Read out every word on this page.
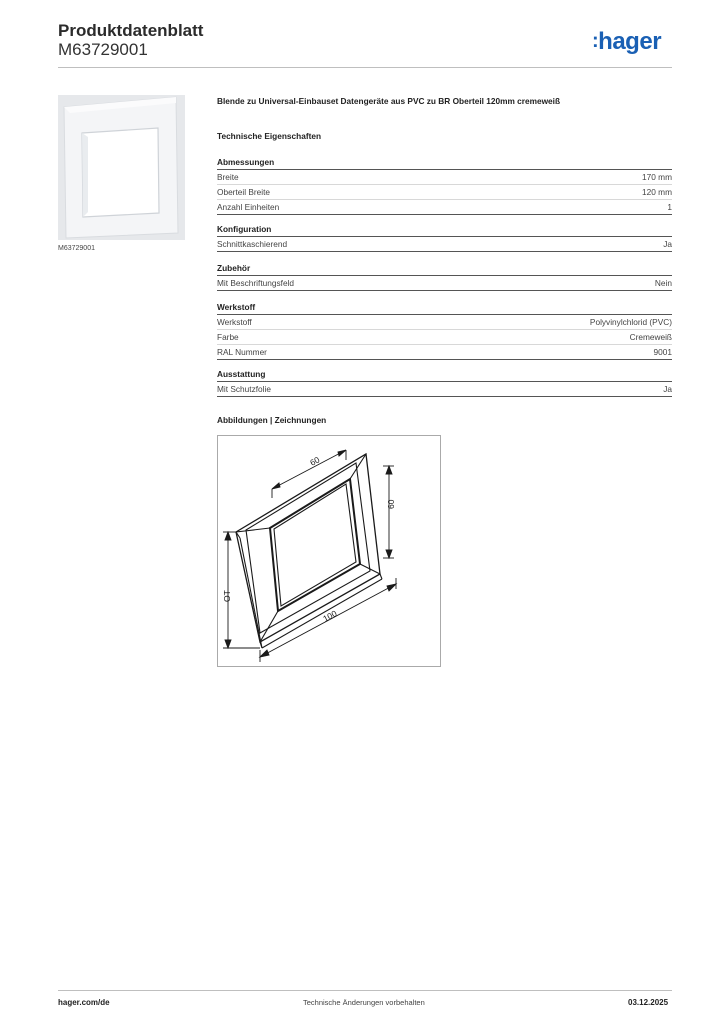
Produktdatenblatt
M63729001	:hager
M63729001
Blende zu Universal-Einbauset Datengeräte aus PVC zu BR Oberteil 120mm cremeweiß
Technische Eigenschaften
Abmessungen
Breite	170 mm
Oberteil Breite	120 mm
Anzahl Einheiten	1
Konfiguration
Schnittkaschierend	Ja
Zubehör
Mit Beschriftungsfeld	Nein
Werkstoff
Werkstoff	Polyvinylchlorid (PVC)
Farbe	Cremeweiß
RAL Nummer	9001
Ausstattung
Mit Schutzfolie	Ja
Abbildungen | Zeichnungen
60
60
100
OT
hager.com/de	Technische Änderungen vorbehalten	03.12.2025
